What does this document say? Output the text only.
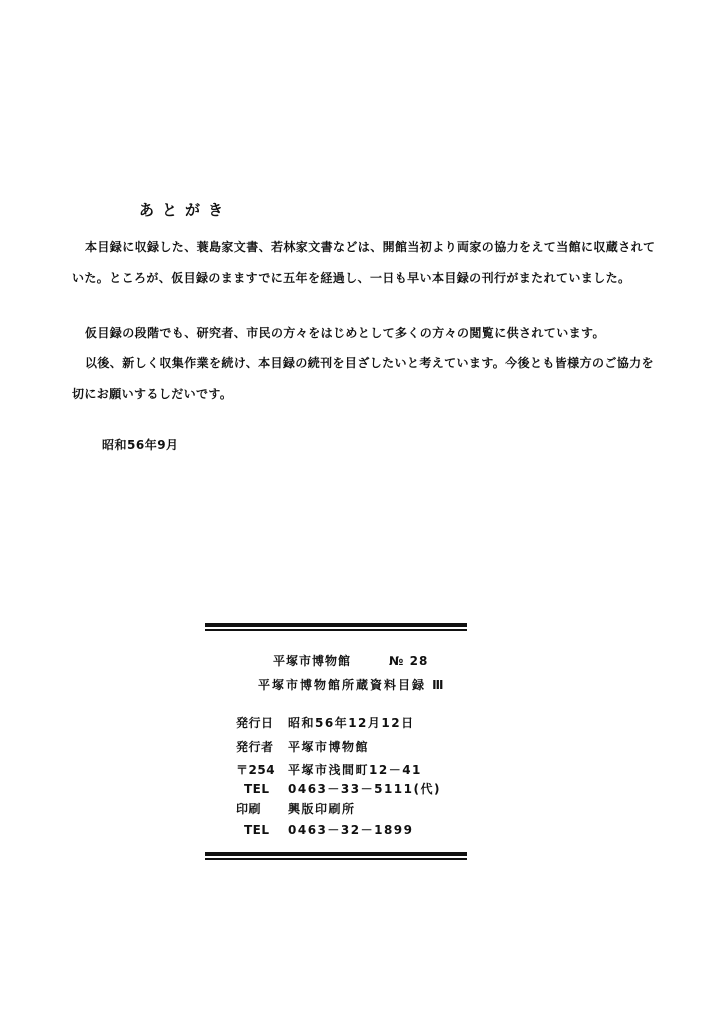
あとがき

本目録に収録した、蓑島家文書、若林家文書などは、開館当初より両家の協力をえて当館に収蔵されていた。ところが、仮目録のまますでに五年を経過し、一日も早い本目録の刊行がまたれていました。

仮目録の段階でも、研究者、市民の方々をはじめとして多くの方々の閲覧に供されています。

以後、新しく収集作業を続け、本目録の続刊を目ざしたいと考えています。今後とも皆様方のご協力を切にお願いするしだいです。

昭和56年9月
平塚市博物館	№ 28
平塚市博物館所蔵資料目録 Ⅲ
発行日 昭和56年12月12日
発行者 平塚市博物館
〒254 平塚市浅間町12－41
TEL 0463－33－5111(代)
印刷 興版印刷所
TEL 0463－32－1899
